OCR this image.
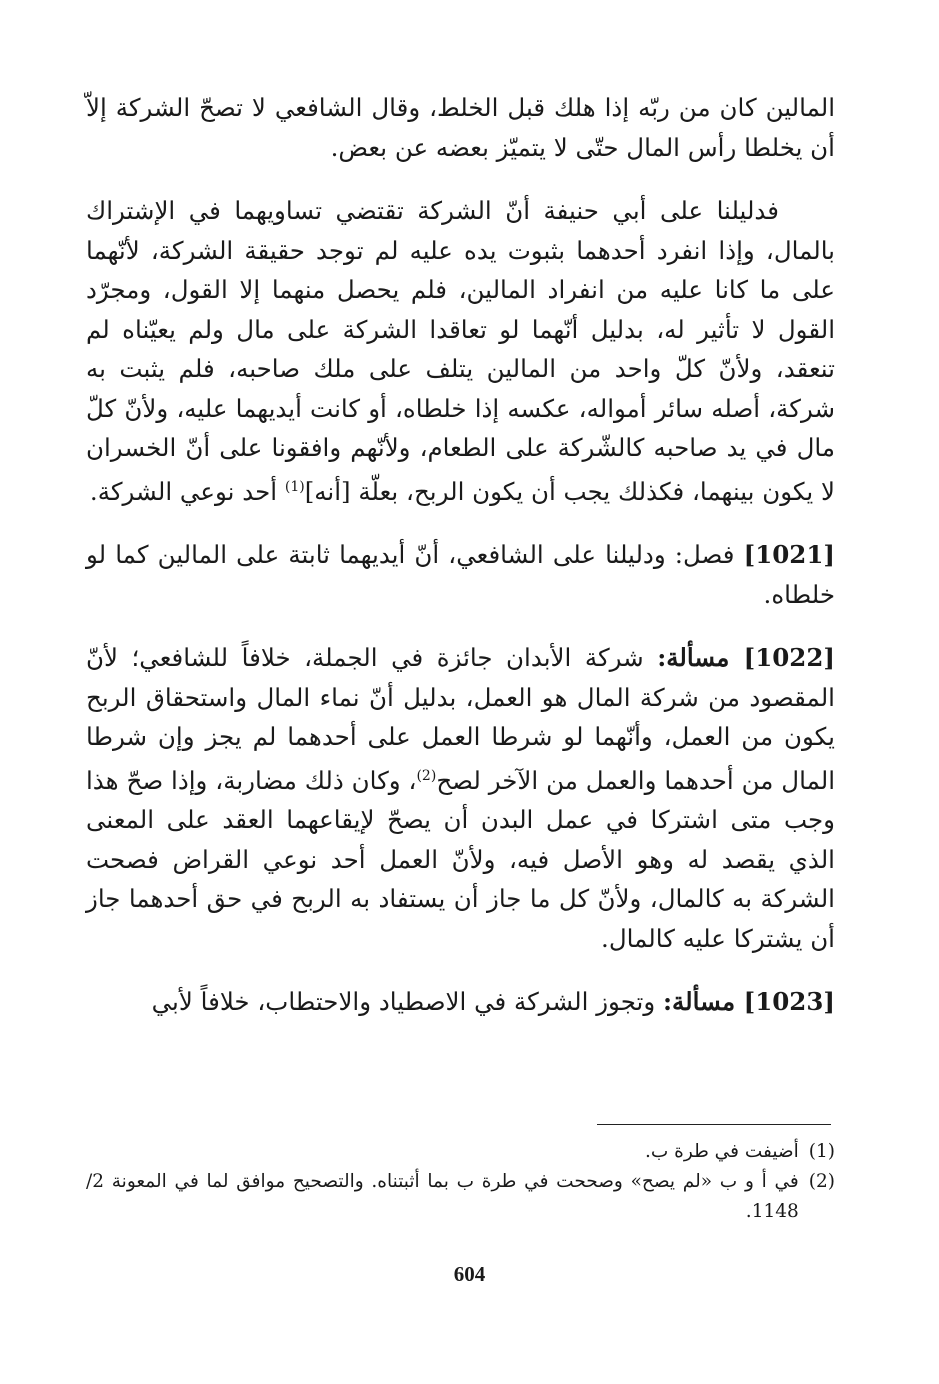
المالين كان من ربّه إذا هلك قبل الخلط، وقال الشافعي لا تصحّ الشركة إلاّ أن يخلطا رأس المال حتّى لا يتميّز بعضه عن بعض.

فدليلنا على أبي حنيفة أنّ الشركة تقتضي تساويهما في الإشتراك بالمال، وإذا انفرد أحدهما بثبوت يده عليه لم توجد حقيقة الشركة، لأنّهما على ما كانا عليه من انفراد المالين، فلم يحصل منهما إلا القول، ومجرّد القول لا تأثير له، بدليل أنّهما لو تعاقدا الشركة على مال ولم يعيّناه لم تنعقد، ولأنّ كلّ واحد من المالين يتلف على ملك صاحبه، فلم يثبت به شركة، أصله سائر أمواله، عكسه إذا خلطاه، أو كانت أيديهما عليه، ولأنّ كلّ مال في يد صاحبه كالشّركة على الطعام، ولأنّهم وافقونا على أنّ الخسران لا يكون بينهما، فكذلك يجب أن يكون الربح، بعلّة [أنه]$^{(1)}$ أحد نوعي الشركة.

[1021] فصل: ودليلنا على الشافعي، أنّ أيديهما ثابتة على المالين كما لو خلطاه.

[1022] مسألة: شركة الأبدان جائزة في الجملة، خلافاً للشافعي؛ لأنّ المقصود من شركة المال هو العمل، بدليل أنّ نماء المال واستحقاق الربح يكون من العمل، وأنّهما لو شرطا العمل على أحدهما لم يجز وإن شرطا المال من أحدهما والعمل من الآخر لصح$^{(2)}$، وكان ذلك مضاربة، وإذا صحّ هذا وجب متى اشتركا في عمل البدن أن يصحّ لإيقاعهما العقد على المعنى الذي يقصد له وهو الأصل فيه، ولأنّ العمل أحد نوعي القراض فصحت الشركة به كالمال، ولأنّ كل ما جاز أن يستفاد به الربح في حق أحدهما جاز أن يشتركا عليه كالمال.

[1023] مسألة: وتجوز الشركة في الاصطياد والاحتطاب، خلافاً لأبي

(1)
أضيفت في طرة ب.
(2)
في أ و ب «لم يصح» وصححت في طرة ب بما أثبتناه. والتصحيح موافق لما في المعونة 2/ 1148.
604
